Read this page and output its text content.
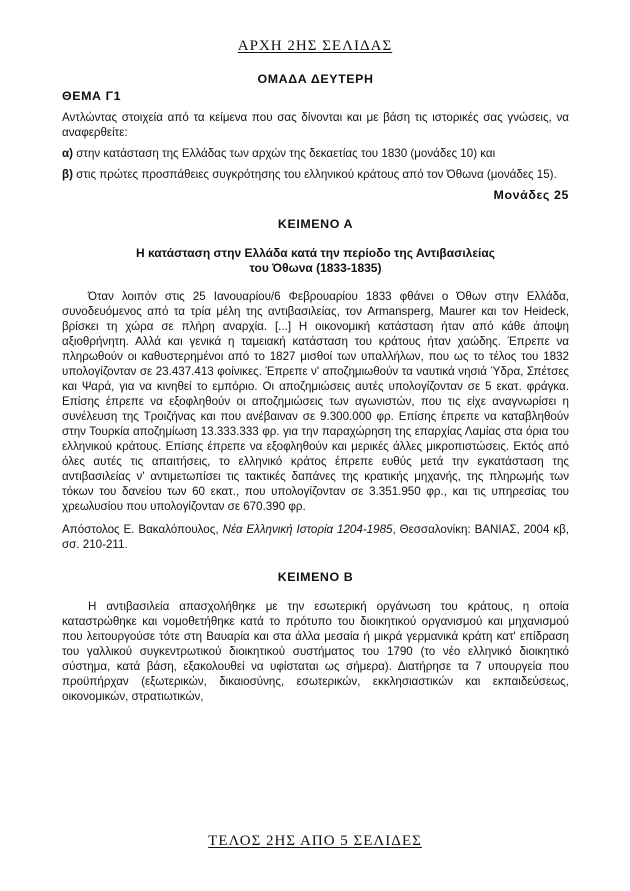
ΑΡΧΗ 2ΗΣ ΣΕΛΙΔΑΣ

ΟΜΑΔΑ ΔΕΥΤΕΡΗ

ΘΕΜΑ Γ1

Αντλώντας στοιχεία από τα κείμενα που σας δίνονται και με βάση τις ιστορικές σας γνώσεις, να αναφερθείτε:

α) στην κατάσταση της Ελλάδας των αρχών της δεκαετίας του 1830 (μονάδες 10) και

β) στις πρώτες προσπάθειες συγκρότησης του ελληνικού κράτους από τον Όθωνα (μονάδες 15).

Μονάδες 25

ΚΕΙΜΕΝΟ Α

Η κατάσταση στην Ελλάδα κατά την περίοδο της Αντιβασιλείας

του Όθωνα (1833-1835)

Όταν λοιπόν στις 25 Ιανουαρίου/6 Φεβρουαρίου 1833 φθάνει ο Όθων στην Ελλάδα, συνοδευόμενος από τα τρία μέλη της αντιβασιλείας, τον Armansperg, Maurer και τον Heideck, βρίσκει τη χώρα σε πλήρη αναρχία. [...] Η οικονομική κατάσταση ήταν από κάθε άποψη αξιοθρήνητη. Αλλά και γενικά η ταμειακή κατάσταση του κράτους ήταν χαώδης. Έπρεπε να πληρωθούν οι καθυστερημένοι από το 1827 μισθοί των υπαλλήλων, που ως το τέλος του 1832 υπολογίζονταν σε 23.437.413 φοίνικες. Έπρεπε ν' αποζημιωθούν τα ναυτικά νησιά Ύδρα, Σπέτσες και Ψαρά, για να κινηθεί το εμπόριο. Οι αποζημιώσεις αυτές υπολογίζονταν σε 5 εκατ. φράγκα. Επίσης έπρεπε να εξοφληθούν οι αποζημιώσεις των αγωνιστών, που τις είχε αναγνωρίσει η συνέλευση της Τροιζήνας και που ανέβαιναν σε 9.300.000 φρ. Επίσης έπρεπε να καταβληθούν στην Τουρκία αποζημίωση 13.333.333 φρ. για την παραχώρηση της επαρχίας Λαμίας στα όρια του ελληνικού κράτους. Επίσης έπρεπε να εξοφληθούν και μερικές άλλες μικροπιστώσεις. Εκτός από όλες αυτές τις απαιτήσεις, το ελληνικό κράτος έπρεπε ευθύς μετά την εγκατάσταση της αντιβασιλείας ν' αντιμετωπίσει τις τακτικές δαπάνες της κρατικής μηχανής, της πληρωμής των τόκων του δανείου των 60 εκατ., που υπολογίζονταν σε 3.351.950 φρ., και τις υπηρεσίας του χρεωλυσίου που υπολογίζονταν σε 670.390 φρ.

Απόστολος Ε. Βακαλόπουλος, Νέα Ελληνική Ιστορία 1204-1985, Θεσσαλονίκη: ΒΑΝΙΑΣ, 2004 κβ, σσ. 210-211.

ΚΕΙΜΕΝΟ Β

Η αντιβασιλεία απασχολήθηκε με την εσωτερική οργάνωση του κράτους, η οποία καταστρώθηκε και νομοθετήθηκε κατά το πρότυπο του διοικητικού οργανισμού και μηχανισμού που λειτουργούσε τότε στη Βαυαρία και στα άλλα μεσαία ή μικρά γερμανικά κράτη κατ' επίδραση του γαλλικού συγκεντρωτικού διοικητικού συστήματος του 1790 (το νέο ελληνικό διοικητικό σύστημα, κατά βάση, εξακολουθεί να υφίσταται ως σήμερα). Διατήρησε τα 7 υπουργεία που προϋπήρχαν (εξωτερικών, δικαιοσύνης, εσωτερικών, εκκλησιαστικών και εκπαιδεύσεως, οικονομικών, στρατιωτικών,

ΤΕΛΟΣ 2ΗΣ ΑΠΟ 5 ΣΕΛΙΔΕΣ
